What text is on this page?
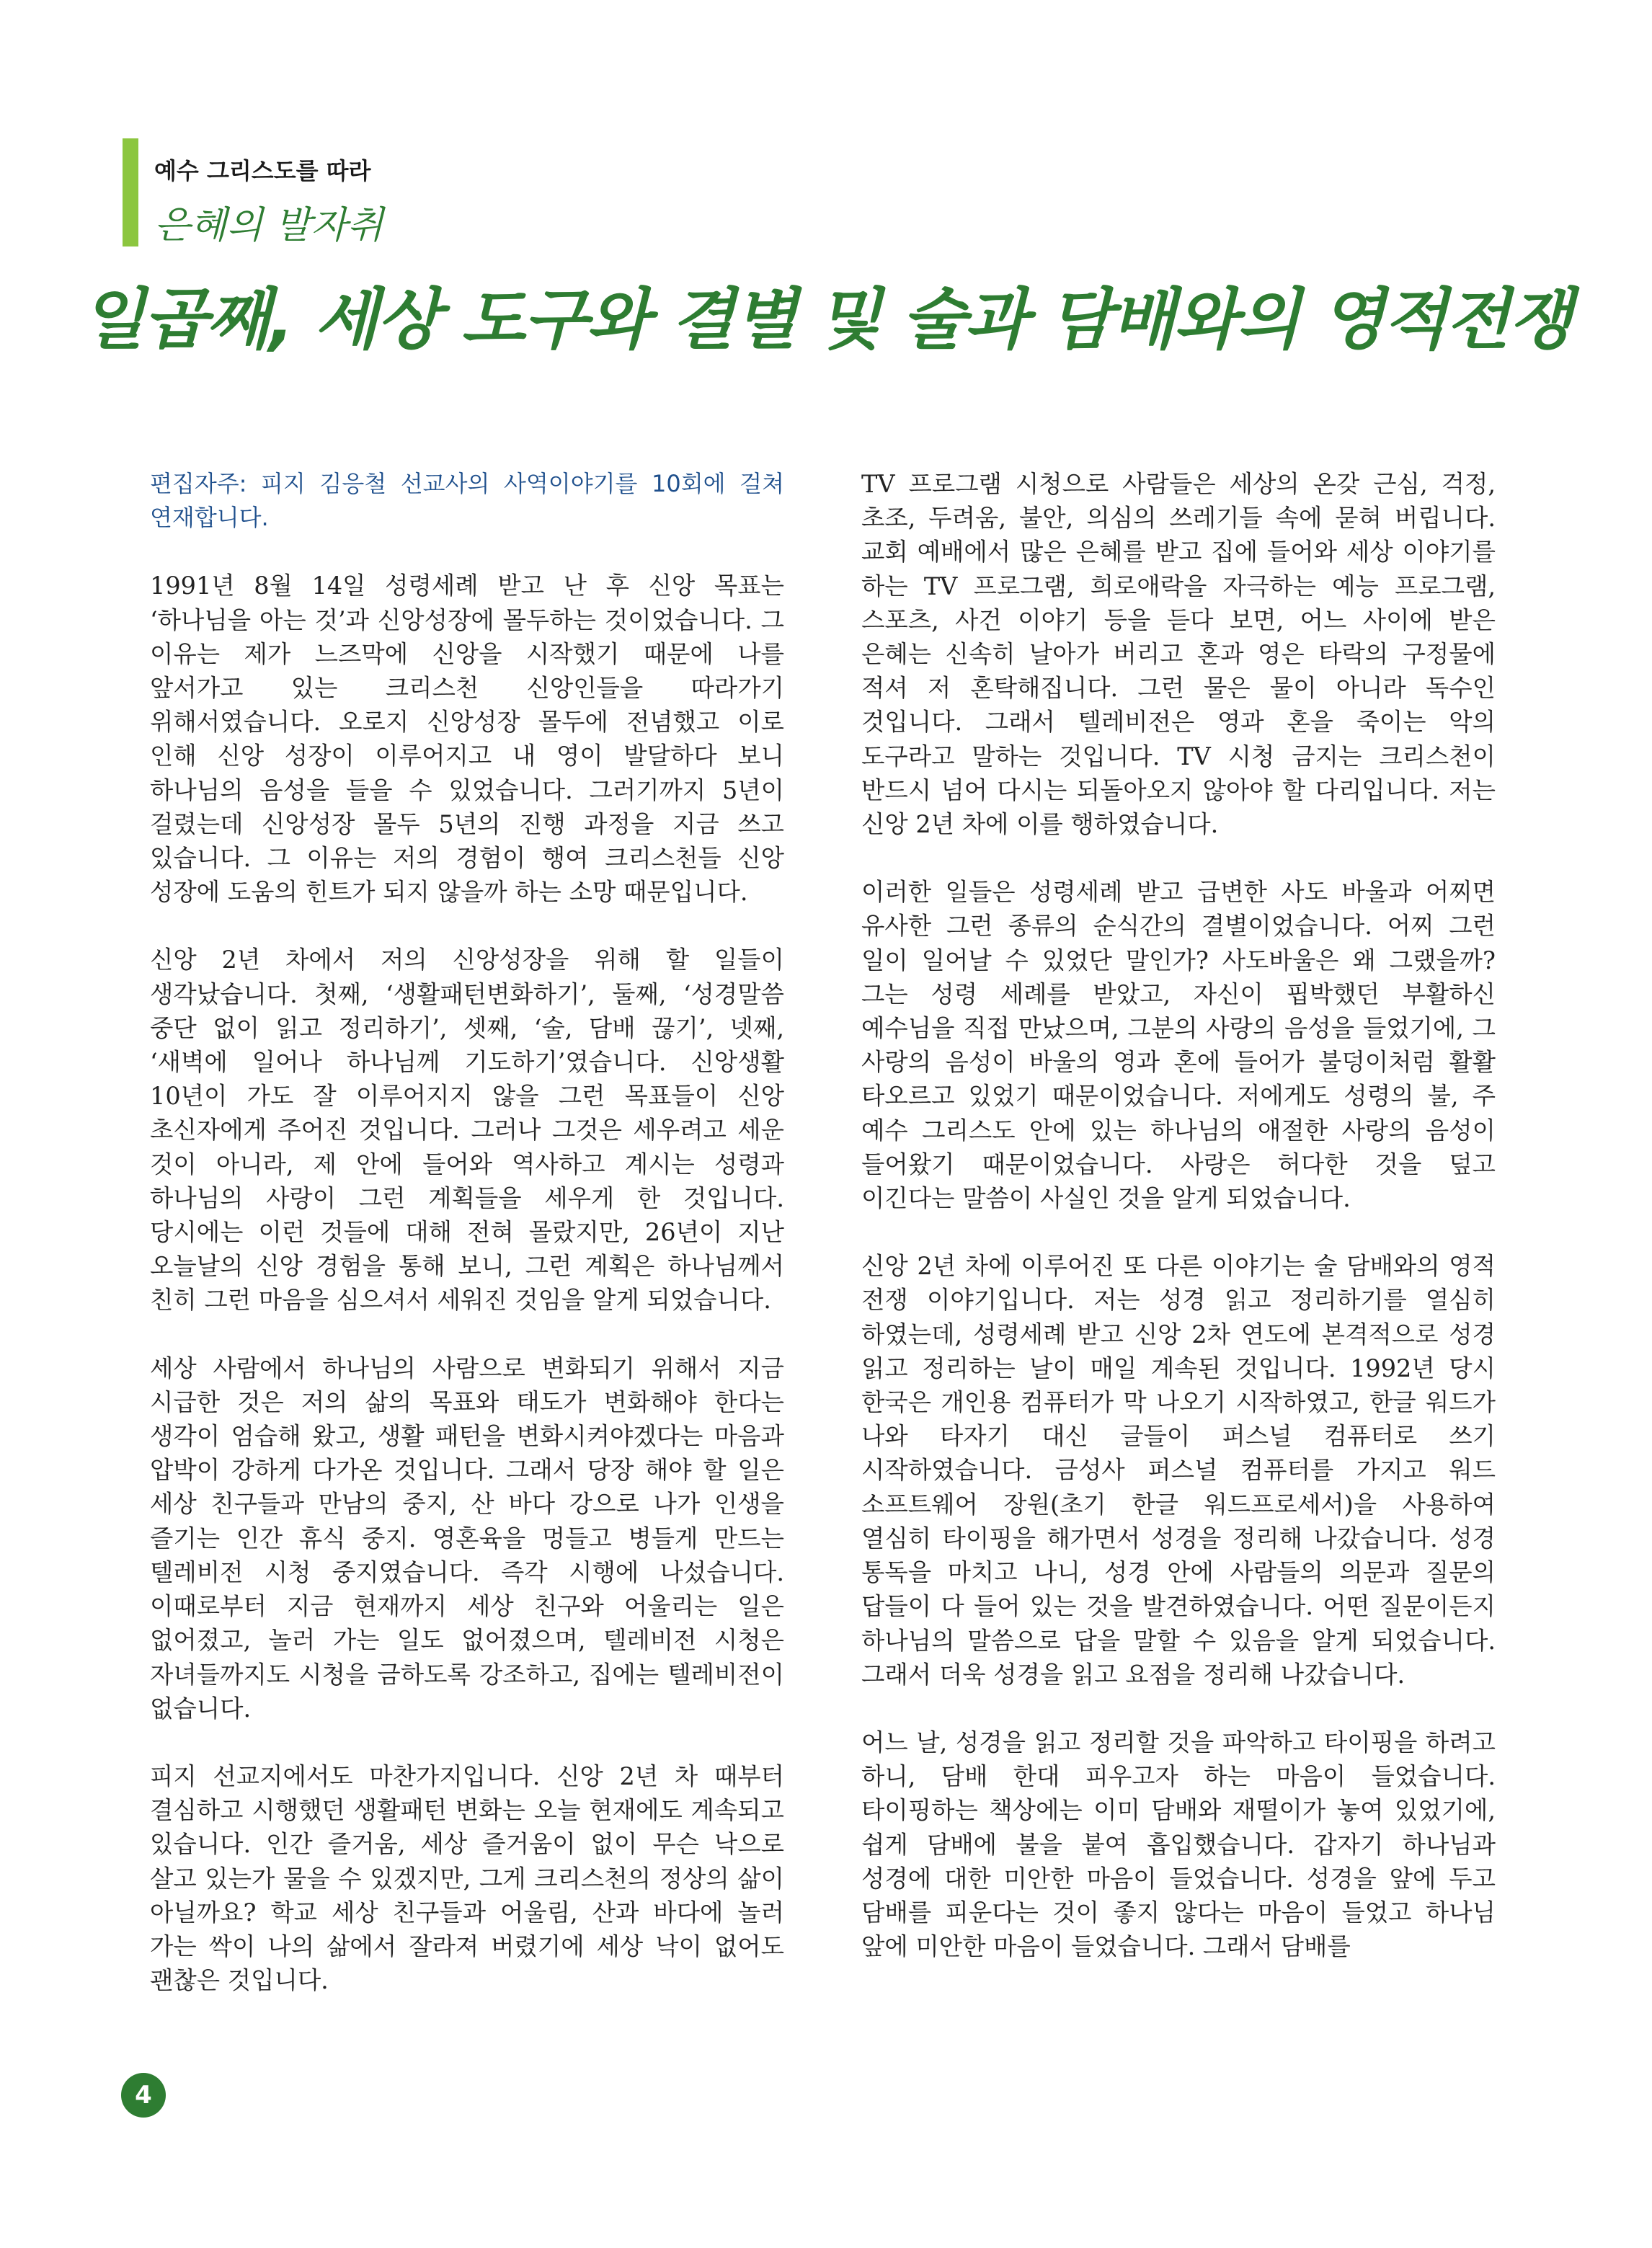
예수 그리스도를 따라
은혜의 발자취
일곱째, 세상 도구와 결별 및 술과 담배와의 영적전쟁

편집자주: 피지 김응철 선교사의 사역이야기를 10회에 걸쳐 연재합니다.

1991년 8월 14일 성령세례 받고 난 후 신앙 목표는 ‘하나님을 아는 것’과 신앙성장에 몰두하는 것이었습니다. 그 이유는 제가 느즈막에 신앙을 시작했기 때문에 나를 앞서가고 있는 크리스천 신앙인들을 따라가기 위해서였습니다. 오로지 신앙성장 몰두에 전념했고 이로 인해 신앙 성장이 이루어지고 내 영이 발달하다 보니 하나님의 음성을 들을 수 있었습니다. 그러기까지 5년이 걸렸는데 신앙성장 몰두 5년의 진행 과정을 지금 쓰고 있습니다. 그 이유는 저의 경험이 행여 크리스천들 신앙 성장에 도움의 힌트가 되지 않을까 하는 소망 때문입니다.

신앙 2년 차에서 저의 신앙성장을 위해 할 일들이 생각났습니다. 첫째, ‘생활패턴변화하기’, 둘째, ‘성경말씀 중단 없이 읽고 정리하기’, 셋째, ‘술, 담배 끊기’, 넷째, ‘새벽에 일어나 하나님께 기도하기’였습니다. 신앙생활 10년이 가도 잘 이루어지지 않을 그런 목표들이 신앙 초신자에게 주어진 것입니다. 그러나 그것은 세우려고 세운 것이 아니라, 제 안에 들어와 역사하고 계시는 성령과 하나님의 사랑이 그런 계획들을 세우게 한 것입니다. 당시에는 이런 것들에 대해 전혀 몰랐지만, 26년이 지난 오늘날의 신앙 경험을 통해 보니, 그런 계획은 하나님께서 친히 그런 마음을 심으셔서 세워진 것임을 알게 되었습니다.

세상 사람에서 하나님의 사람으로 변화되기 위해서 지금 시급한 것은 저의 삶의 목표와 태도가 변화해야 한다는 생각이 엄습해 왔고, 생활 패턴을 변화시켜야겠다는 마음과 압박이 강하게 다가온 것입니다. 그래서 당장 해야 할 일은 세상 친구들과 만남의 중지, 산 바다 강으로 나가 인생을 즐기는 인간 휴식 중지. 영혼육을 멍들고 병들게 만드는 텔레비전 시청 중지였습니다. 즉각 시행에 나섰습니다. 이때로부터 지금 현재까지 세상 친구와 어울리는 일은 없어졌고, 놀러 가는 일도 없어졌으며, 텔레비전 시청은 자녀들까지도 시청을 금하도록 강조하고, 집에는 텔레비전이 없습니다.

피지 선교지에서도 마찬가지입니다. 신앙 2년 차 때부터 결심하고 시행했던 생활패턴 변화는 오늘 현재에도 계속되고 있습니다. 인간 즐거움, 세상 즐거움이 없이 무슨 낙으로 살고 있는가 물을 수 있겠지만, 그게 크리스천의 정상의 삶이 아닐까요? 학교 세상 친구들과 어울림, 산과 바다에 놀러 가는 싹이 나의 삶에서 잘라져 버렸기에 세상 낙이 없어도 괜찮은 것입니다.

TV 프로그램 시청으로 사람들은 세상의 온갖 근심, 걱정, 초조, 두려움, 불안, 의심의 쓰레기들 속에 묻혀 버립니다. 교회 예배에서 많은 은혜를 받고 집에 들어와 세상 이야기를 하는 TV 프로그램, 희로애락을 자극하는 예능 프로그램, 스포츠, 사건 이야기 등을 듣다 보면, 어느 사이에 받은 은혜는 신속히 날아가 버리고 혼과 영은 타락의 구정물에 적셔 저 혼탁해집니다. 그런 물은 물이 아니라 독수인 것입니다. 그래서 텔레비전은 영과 혼을 죽이는 악의 도구라고 말하는 것입니다. TV 시청 금지는 크리스천이 반드시 넘어 다시는 되돌아오지 않아야 할 다리입니다. 저는 신앙 2년 차에 이를 행하였습니다.

이러한 일들은 성령세례 받고 급변한 사도 바울과 어찌면 유사한 그런 종류의 순식간의 결별이었습니다. 어찌 그런 일이 일어날 수 있었단 말인가? 사도바울은 왜 그랬을까? 그는 성령 세례를 받았고, 자신이 핍박했던 부활하신 예수님을 직접 만났으며, 그분의 사랑의 음성을 들었기에, 그 사랑의 음성이 바울의 영과 혼에 들어가 불덩이처럼 활활 타오르고 있었기 때문이었습니다. 저에게도 성령의 불, 주 예수 그리스도 안에 있는 하나님의 애절한 사랑의 음성이 들어왔기 때문이었습니다. 사랑은 허다한 것을 덮고 이긴다는 말씀이 사실인 것을 알게 되었습니다.

신앙 2년 차에 이루어진 또 다른 이야기는 술 담배와의 영적 전쟁 이야기입니다. 저는 성경 읽고 정리하기를 열심히 하였는데, 성령세례 받고 신앙 2차 연도에 본격적으로 성경 읽고 정리하는 날이 매일 계속된 것입니다. 1992년 당시 한국은 개인용 컴퓨터가 막 나오기 시작하였고, 한글 워드가 나와 타자기 대신 글들이 퍼스널 컴퓨터로 쓰기 시작하였습니다. 금성사 퍼스널 컴퓨터를 가지고 워드 소프트웨어 장원(초기 한글 워드프로세서)을 사용하여 열심히 타이핑을 해가면서 성경을 정리해 나갔습니다. 성경 통독을 마치고 나니, 성경 안에 사람들의 의문과 질문의 답들이 다 들어 있는 것을 발견하였습니다. 어떤 질문이든지 하나님의 말씀으로 답을 말할 수 있음을 알게 되었습니다. 그래서 더욱 성경을 읽고 요점을 정리해 나갔습니다.

어느 날, 성경을 읽고 정리할 것을 파악하고 타이핑을 하려고 하니, 담배 한대 피우고자 하는 마음이 들었습니다. 타이핑하는 책상에는 이미 담배와 재떨이가 놓여 있었기에, 쉽게 담배에 불을 붙여 흡입했습니다. 갑자기 하나님과 성경에 대한 미안한 마음이 들었습니다. 성경을 앞에 두고 담배를 피운다는 것이 좋지 않다는 마음이 들었고 하나님 앞에 미안한 마음이 들었습니다. 그래서 담배를

4
